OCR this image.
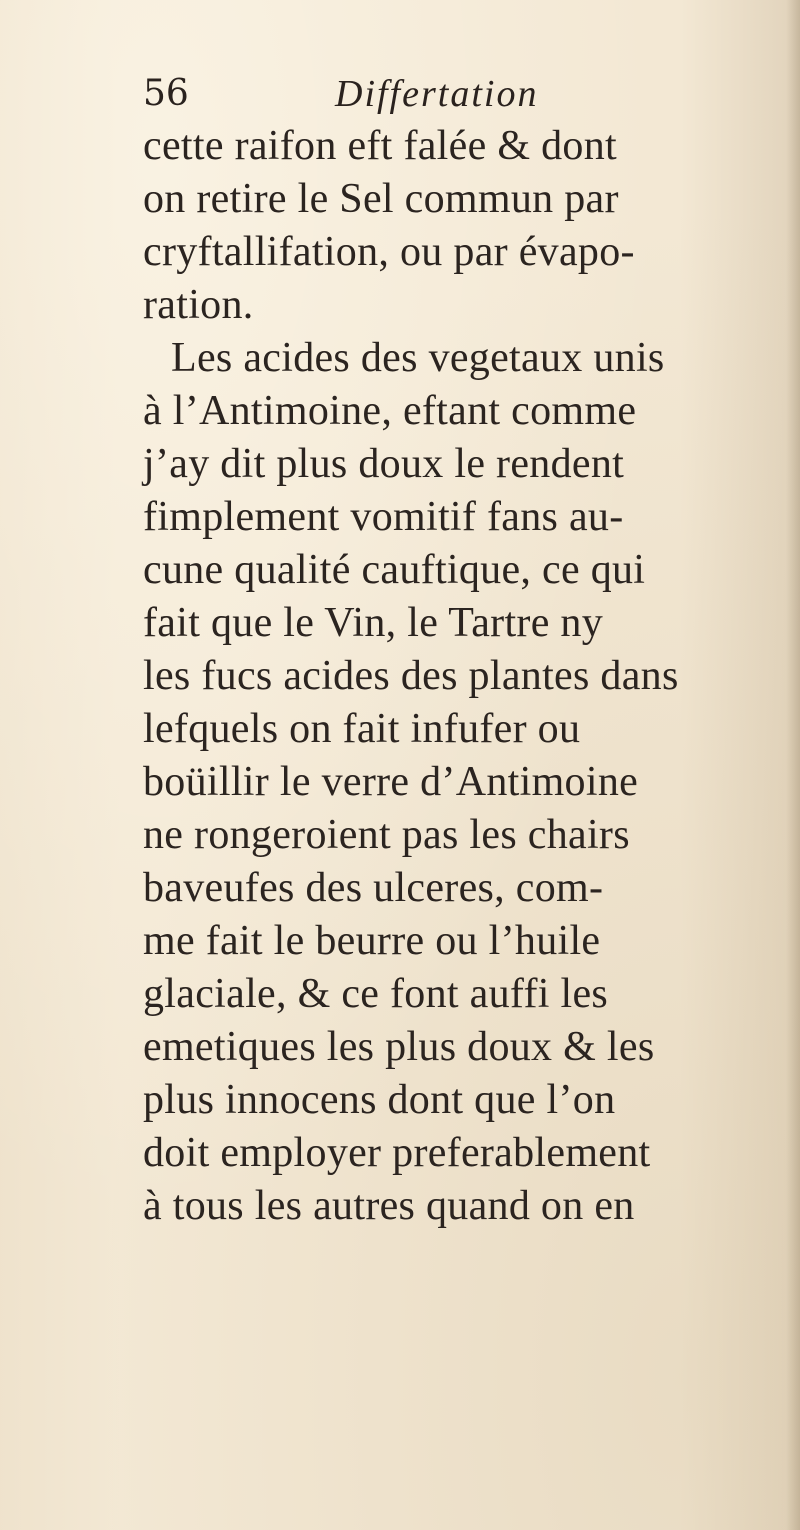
56	Differtation
cette raifon eft falée & dont
on retire le Sel commun par
cryftallifation, ou par évapo-
ration.
Les acides des vegetaux unis
à l’Antimoine, eftant comme
j’ay dit plus doux le rendent
fimplement vomitif fans au-
cune qualité cauftique, ce qui
fait que le Vin, le Tartre ny
les fucs acides des plantes dans
lefquels on fait infufer ou
boüillir le verre d’Antimoine
ne rongeroient pas les chairs
baveufes des ulceres, com-
me fait le beurre ou l’huile
glaciale, & ce font auffi les
emetiques les plus doux & les
plus innocens dont que l’on
doit employer preferablement
à tous les autres quand on en
